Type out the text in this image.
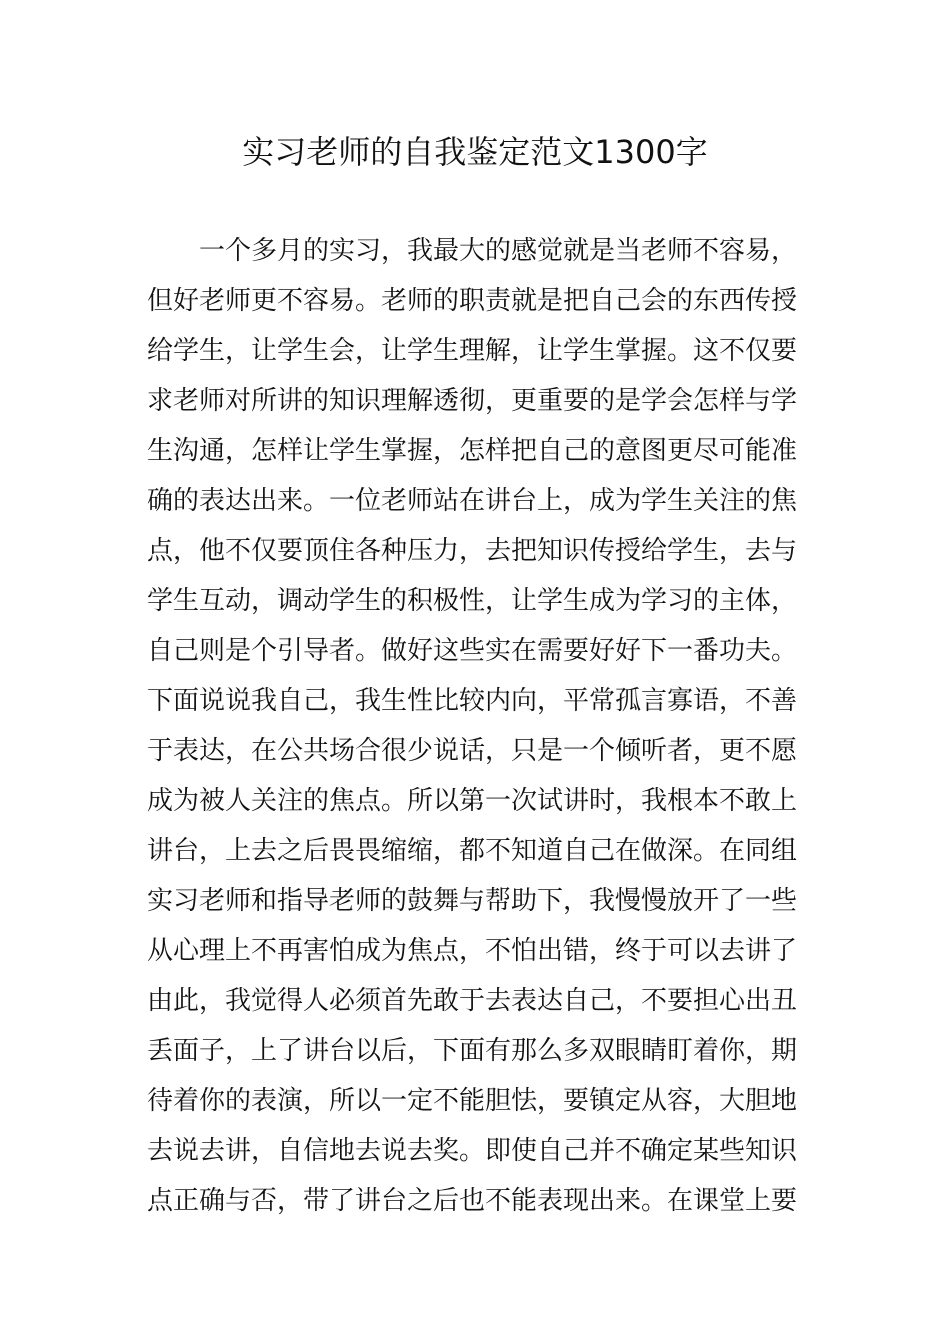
实习老师的自我鉴定范文1300字
一个多月的实习，我最大的感觉就是当老师不容易，
但好老师更不容易。老师的职责就是把自己会的东西传授
给学生，让学生会，让学生理解，让学生掌握。这不仅要
求老师对所讲的知识理解透彻，更重要的是学会怎样与学
生沟通，怎样让学生掌握，怎样把自己的意图更尽可能准
确的表达出来。一位老师站在讲台上，成为学生关注的焦
点，他不仅要顶住各种压力，去把知识传授给学生，去与
学生互动，调动学生的积极性，让学生成为学习的主体，
自己则是个引导者。做好这些实在需要好好下一番功夫。
下面说说我自己，我生性比较内向，平常孤言寡语，不善
于表达，在公共场合很少说话，只是一个倾听者，更不愿
成为被人关注的焦点。所以第一次试讲时，我根本不敢上
讲台，上去之后畏畏缩缩，都不知道自己在做深。在同组
实习老师和指导老师的鼓舞与帮助下，我慢慢放开了一些
从心理上不再害怕成为焦点，不怕出错，终于可以去讲了
由此，我觉得人必须首先敢于去表达自己，不要担心出丑
丢面子，上了讲台以后，下面有那么多双眼睛盯着你，期
待着你的表演，所以一定不能胆怯，要镇定从容，大胆地
去说去讲，自信地去说去奖。即使自己并不确定某些知识
点正确与否，带了讲台之后也不能表现出来。在课堂上要
